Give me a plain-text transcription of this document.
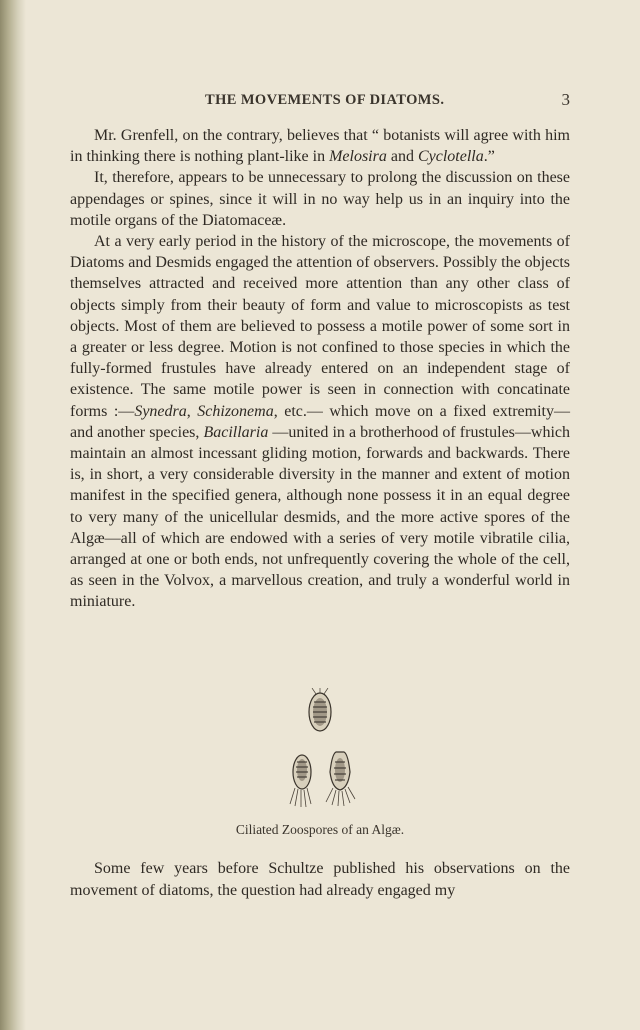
THE MOVEMENTS OF DIATOMS.	3

Mr. Grenfell, on the contrary, believes that “ botanists will agree with him in thinking there is nothing plant-like in Melosira and Cyclotella.”

It, therefore, appears to be unnecessary to prolong the discussion on these appendages or spines, since it will in no way help us in an inquiry into the motile organs of the Diatomaceæ.

At a very early period in the history of the microscope, the movements of Diatoms and Desmids engaged the attention of observers. Possibly the objects themselves attracted and received more attention than any other class of objects simply from their beauty of form and value to microscopists as test objects. Most of them are believed to possess a motile power of some sort in a greater or less degree. Motion is not confined to those species in which the fully-formed frustules have already entered on an independent stage of existence. The same motile power is seen in connection with concatinate forms :—Synedra, Schizonema, etc.— which move on a fixed extremity—and another species, Bacillaria —united in a brotherhood of frustules—which maintain an almost incessant gliding motion, forwards and backwards. There is, in short, a very considerable diversity in the manner and extent of motion manifest in the specified genera, although none possess it in an equal degree to very many of the unicellular desmids, and the more active spores of the Algæ—all of which are endowed with a series of very motile vibratile cilia, arranged at one or both ends, not unfrequently covering the whole of the cell, as seen in the Volvox, a marvellous creation, and truly a wonderful world in miniature.

Ciliated Zoospores of an Algæ.

Some few years before Schultze published his observations on the movement of diatoms, the question had already engaged my
